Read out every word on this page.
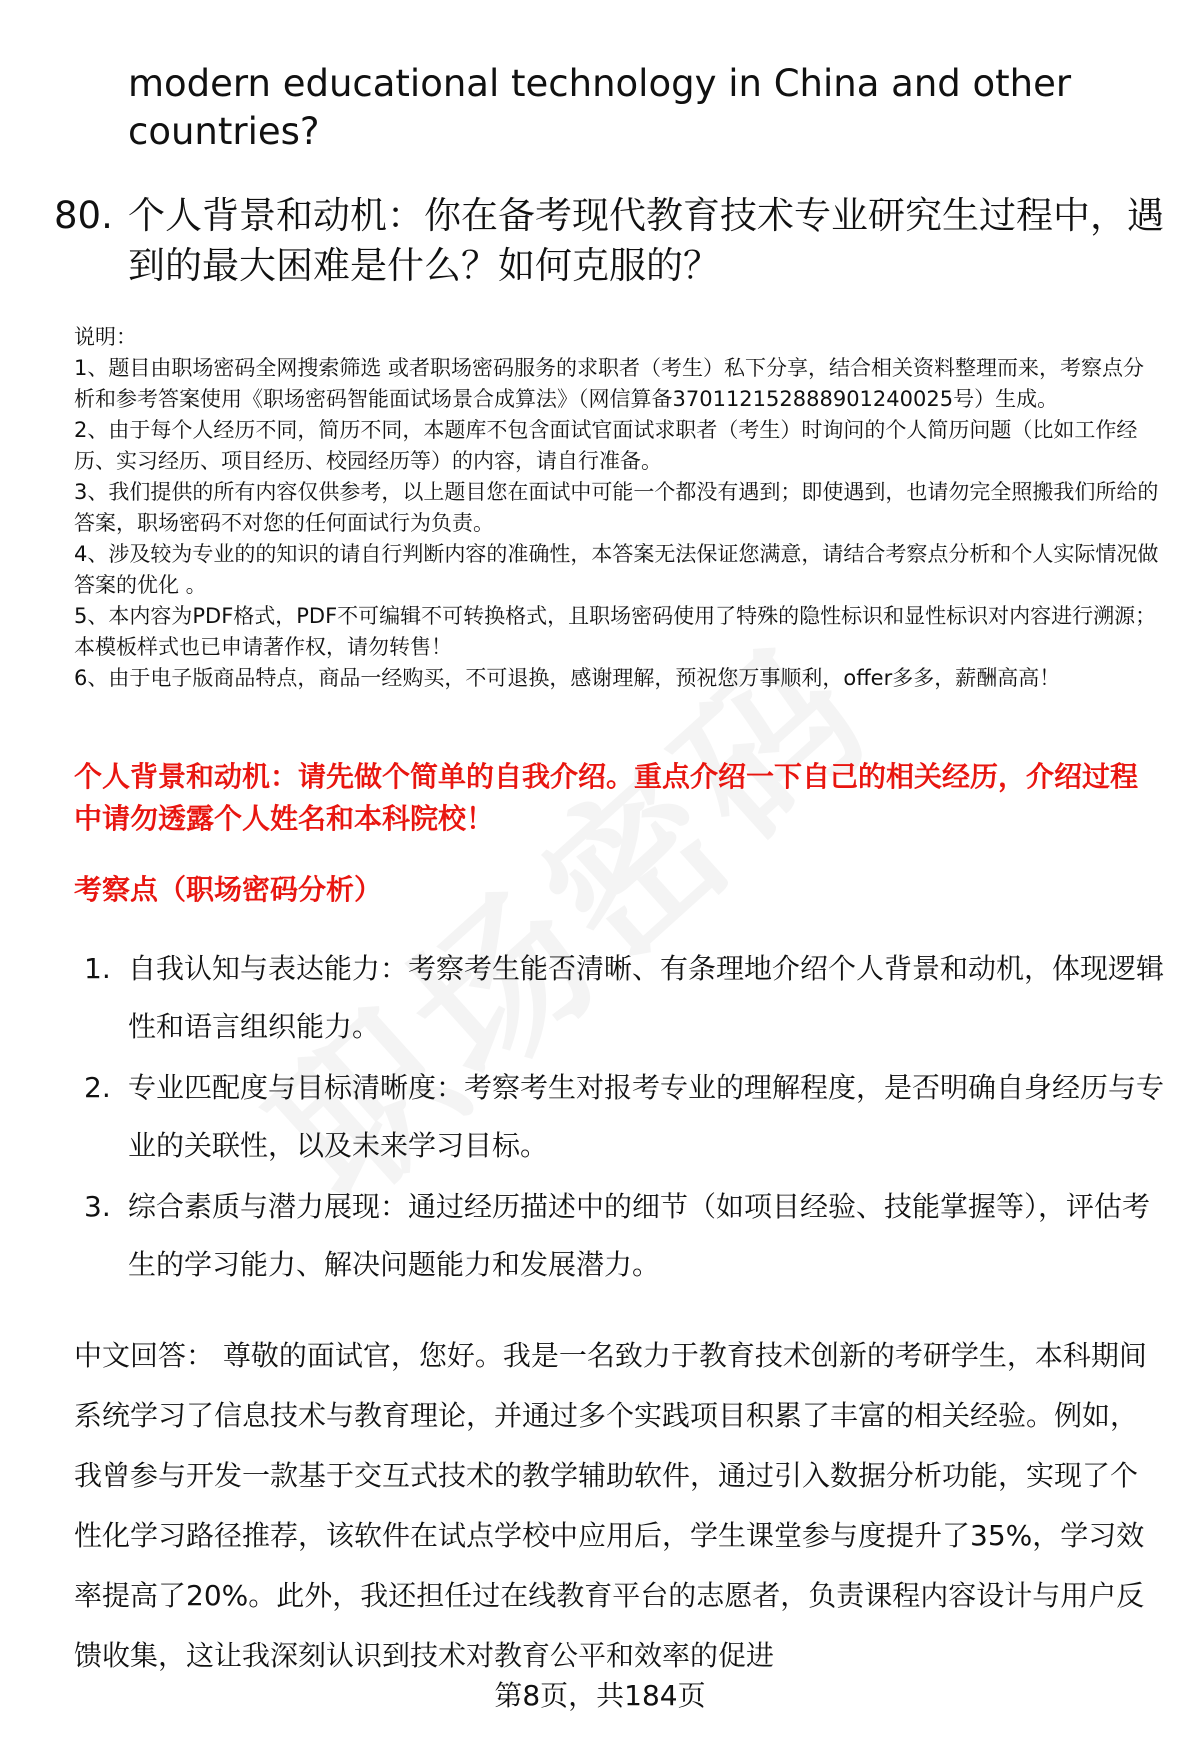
modern educational technology in China and other
countries?
80. 个人背景和动机：你在备考现代教育技术专业研究生过程中，遇
到的最大困难是什么？如何克服的？

说明：

1、题目由职场密码全网搜索筛选 或者职场密码服务的求职者（考生）私下分享，结合相关资料整理而来，考察点分析和参考答案使用《职场密码智能面试场景合成算法》（网信算备370112152888901240025号）生成。

2、由于每个人经历不同，简历不同，本题库不包含面试官面试求职者（考生）时询问的个人简历问题（比如工作经历、实习经历、项目经历、校园经历等）的内容，请自行准备。

3、我们提供的所有内容仅供参考，以上题目您在面试中可能一个都没有遇到；即使遇到，也请勿完全照搬我们所给的答案，职场密码不对您的任何面试行为负责。

4、涉及较为专业的的知识的请自行判断内容的准确性，本答案无法保证您满意，请结合考察点分析和个人实际情况做答案的优化 。

5、本内容为PDF格式，PDF不可编辑不可转换格式，且职场密码使用了特殊的隐性标识和显性标识对内容进行溯源；本模板样式也已申请著作权，请勿转售！

6、由于电子版商品特点，商品一经购买，不可退换，感谢理解，预祝您万事顺利，offer多多，薪酬高高！

个人背景和动机：请先做个简单的自我介绍。重点介绍一下自己的相关经历，介绍过程中请勿透露个人姓名和本科院校！
考察点（职场密码分析）
1. 自我认知与表达能力：考察考生能否清晰、有条理地介绍个人背景和动机，体现逻辑性和语言组织能力。
2. 专业匹配度与目标清晰度：考察考生对报考专业的理解程度，是否明确自身经历与专业的关联性，以及未来学习目标。
3. 综合素质与潜力展现：通过经历描述中的细节（如项目经验、技能掌握等），评估考生的学习能力、解决问题能力和发展潜力。
中文回答： 尊敬的面试官，您好。我是一名致力于教育技术创新的考研学生，本科期间系统学习了信息技术与教育理论，并通过多个实践项目积累了丰富的相关经验。例如，我曾参与开发一款基于交互式技术的教学辅助软件，通过引入数据分析功能，实现了个性化学习路径推荐，该软件在试点学校中应用后，学生课堂参与度提升了35%，学习效率提高了20%。此外，我还担任过在线教育平台的志愿者，负责课程内容设计与用户反馈收集，这让我深刻认识到技术对教育公平和效率的促进
第8页，共184页
